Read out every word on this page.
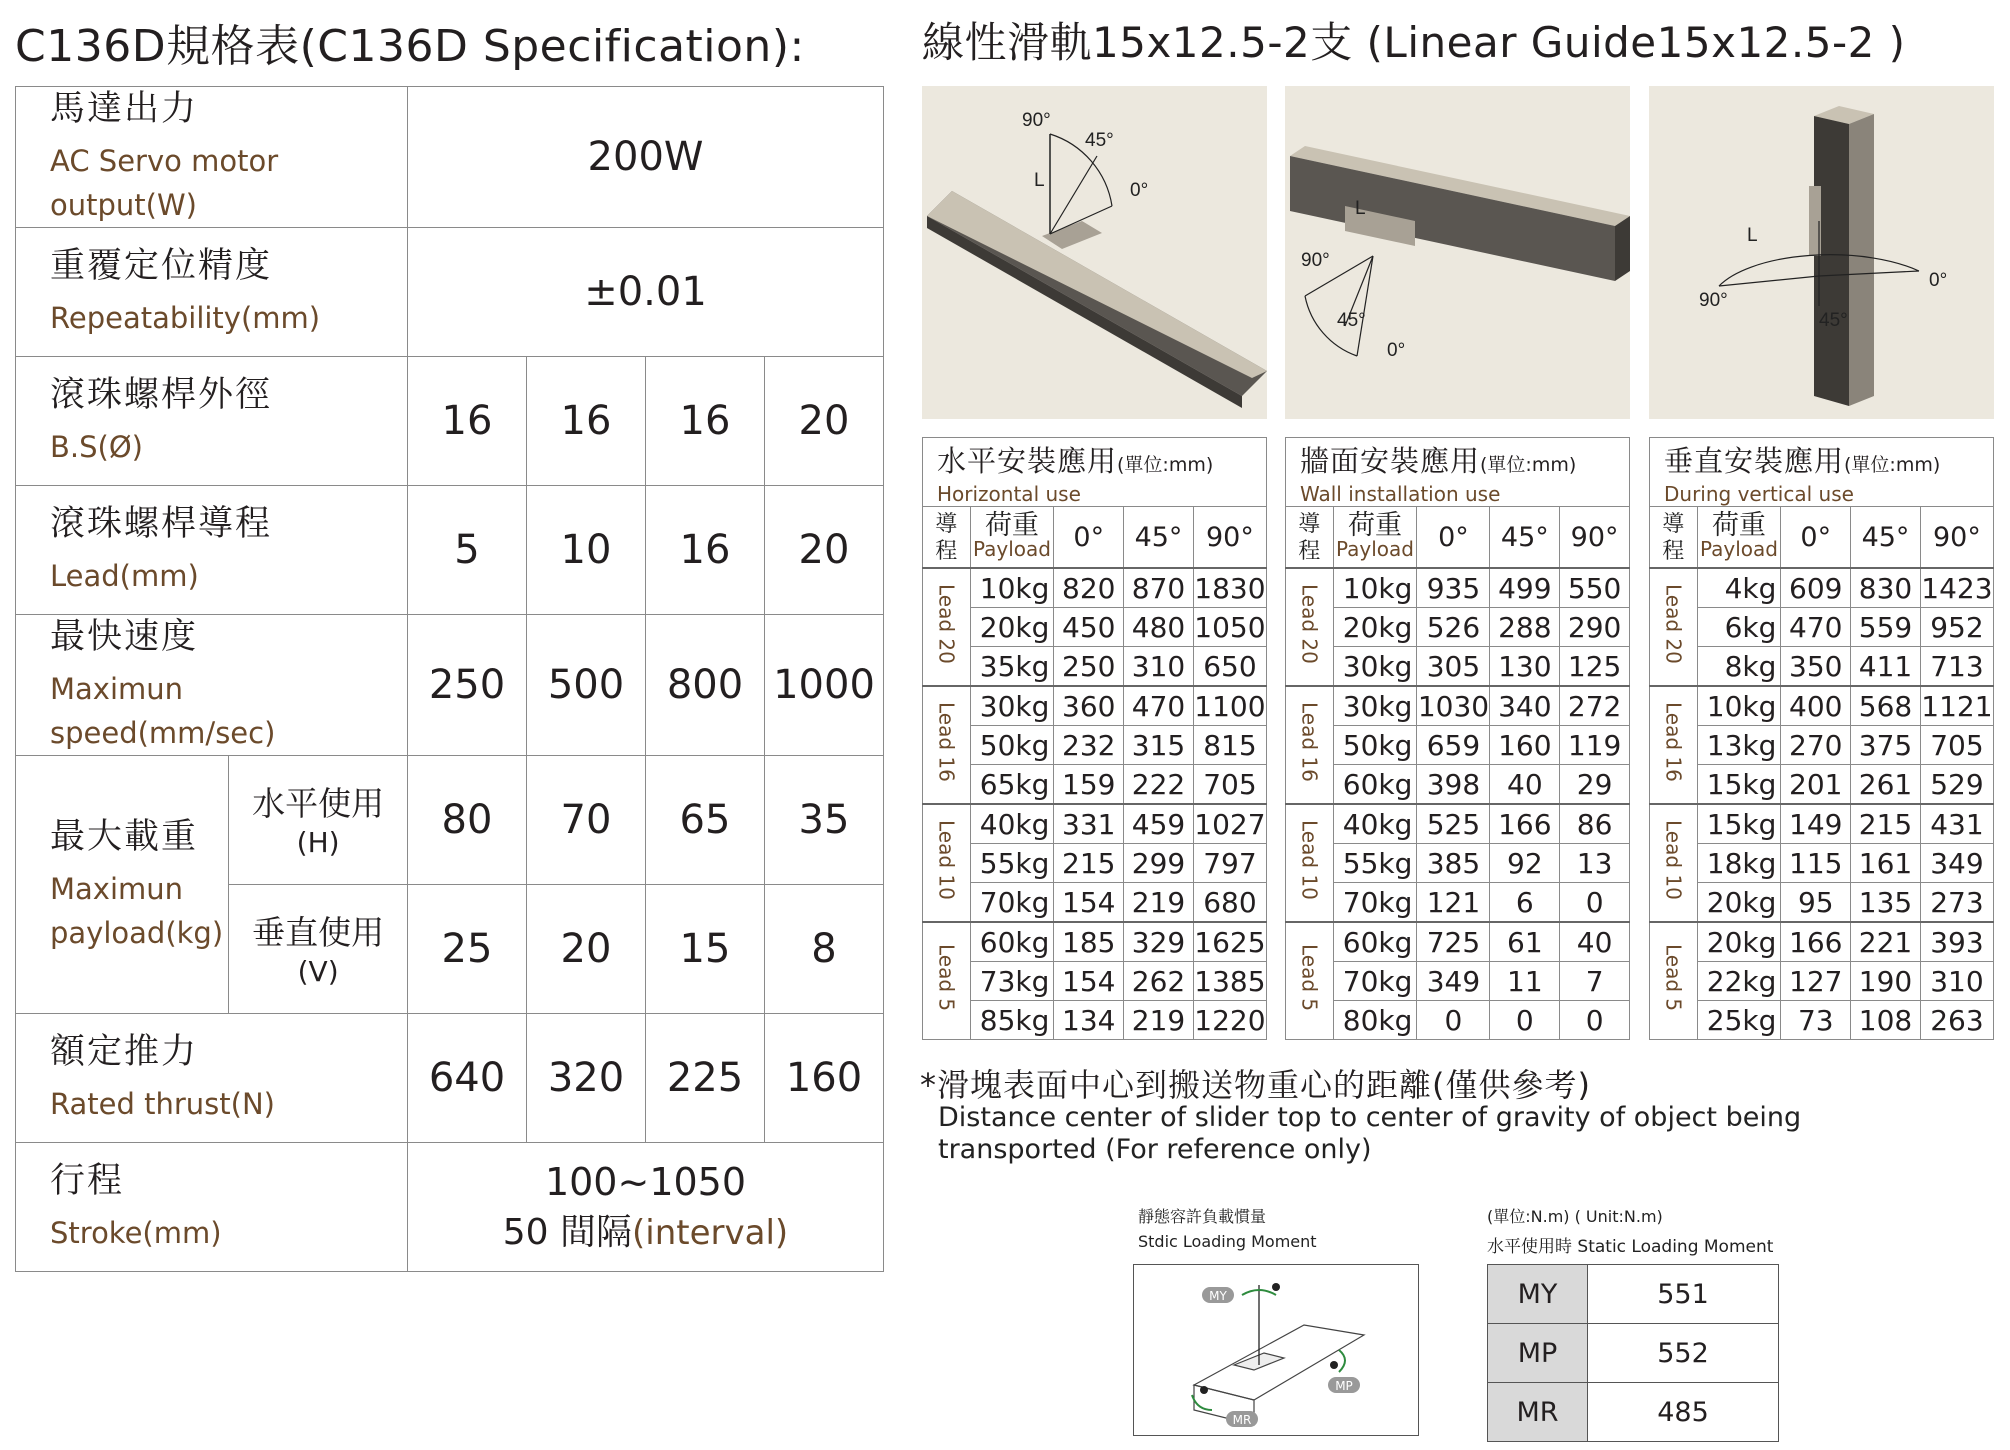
C136D規格表(C136D Specification):	線性滑軌15x12.5-2支 (Linear Guide15x12.5-2 )
馬達出力
AC Servo motor output(W)		200W			

重覆定位精度
Repeatability(mm)		±0.01			

滾珠螺桿外徑
B.S(Ø)		16	16	16	20

滾珠螺桿導程
Lead(mm)		5	10	16	20

最快速度
Maximun speed(mm/sec)		250	500	800	1000

最大載重
Maximun
payload(kg)	水平使用
(H)	80	70	65	35

	垂直使用
(V)	25	20	15	8

額定推力
Rated thrust(N)		640	320	225	160

行程
Stroke(mm)		100~1050
50 間隔(interval)			
90°
45°
0°
L
90°
45°
0°
L
90°
45°
0°
L
水平安裝應用(單位:mm)
Horizontal use				

導
程	荷重
Payload	0°	45°	90°
Lead 20	10kg	820	870	1830
	20kg	450	480	1050
	35kg	250	310	650
Lead 16	30kg	360	470	1100
	50kg	232	315	815
	65kg	159	222	705
Lead 10	40kg	331	459	1027
	55kg	215	299	797
	70kg	154	219	680
Lead 5	60kg	185	329	1625
	73kg	154	262	1385
	85kg	134	219	1220
牆面安裝應用(單位:mm)
Wall installation use				

導
程	荷重
Payload	0°	45°	90°
Lead 20	10kg	935	499	550
	20kg	526	288	290
	30kg	305	130	125
Lead 16	30kg	1030	340	272
	50kg	659	160	119
	60kg	398	40	29
Lead 10	40kg	525	166	86
	55kg	385	92	13
	70kg	121	6	0
Lead 5	60kg	725	61	40
	70kg	349	11	7
	80kg	0	0	0
垂直安裝應用(單位:mm)
During vertical use				

導
程	荷重
Payload	0°	45°	90°
Lead 20	4kg	609	830	1423
	6kg	470	559	952
	8kg	350	411	713
Lead 16	10kg	400	568	1121
	13kg	270	375	705
	15kg	201	261	529
Lead 10	15kg	149	215	431
	18kg	115	161	349
	20kg	95	135	273
Lead 5	20kg	166	221	393
	22kg	127	190	310
	25kg	73	108	263
*滑塊表面中心到搬送物重心的距離(僅供參考)
Distance center of slider top to center of gravity of object being
transported (For reference only)
靜態容許負載慣量
Stdic Loading Moment
MY
MP
MR
(單位:N.m) ( Unit:N.m)
水平使用時 Static Loading Moment
MY	551
MP	552
MR	485
